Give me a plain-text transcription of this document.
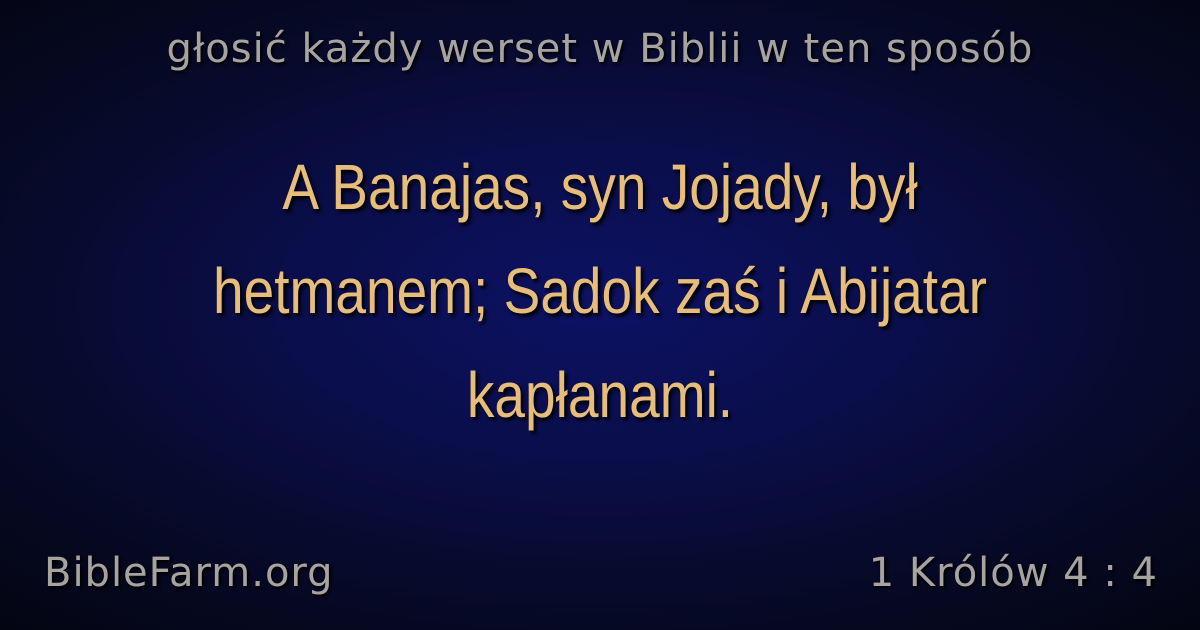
głosić każdy werset w Biblii w ten sposób
A Banajas, syn Jojady, był
hetmanem; Sadok zaś i Abijatar
kapłanami.
BibleFarm.org	1 Królów 4 : 4
